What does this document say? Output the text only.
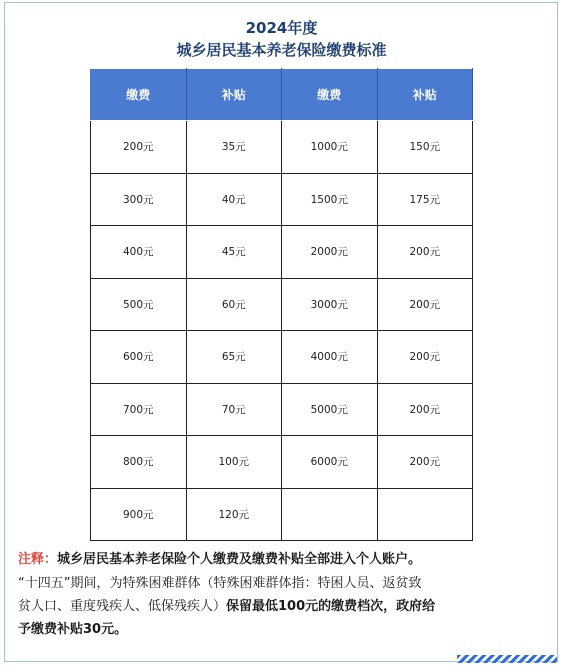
2024年度
城乡居民基本养老保险缴费标准
缴费	补贴	缴费	补贴
200元	35元	1000元	150元
300元	40元	1500元	175元
400元	45元	2000元	200元
500元	60元	3000元	200元
600元	65元	4000元	200元
700元	70元	5000元	200元
800元	100元	6000元	200元
900元	120元		
注释：城乡居民基本养老保险个人缴费及缴费补贴全部进入个人账户。
“十四五”期间，为特殊困难群体（特殊困难群体指：特困人员、返贫致
贫人口、重度残疾人、低保残疾人）保留最低100元的缴费档次，政府给
予缴费补贴30元。
